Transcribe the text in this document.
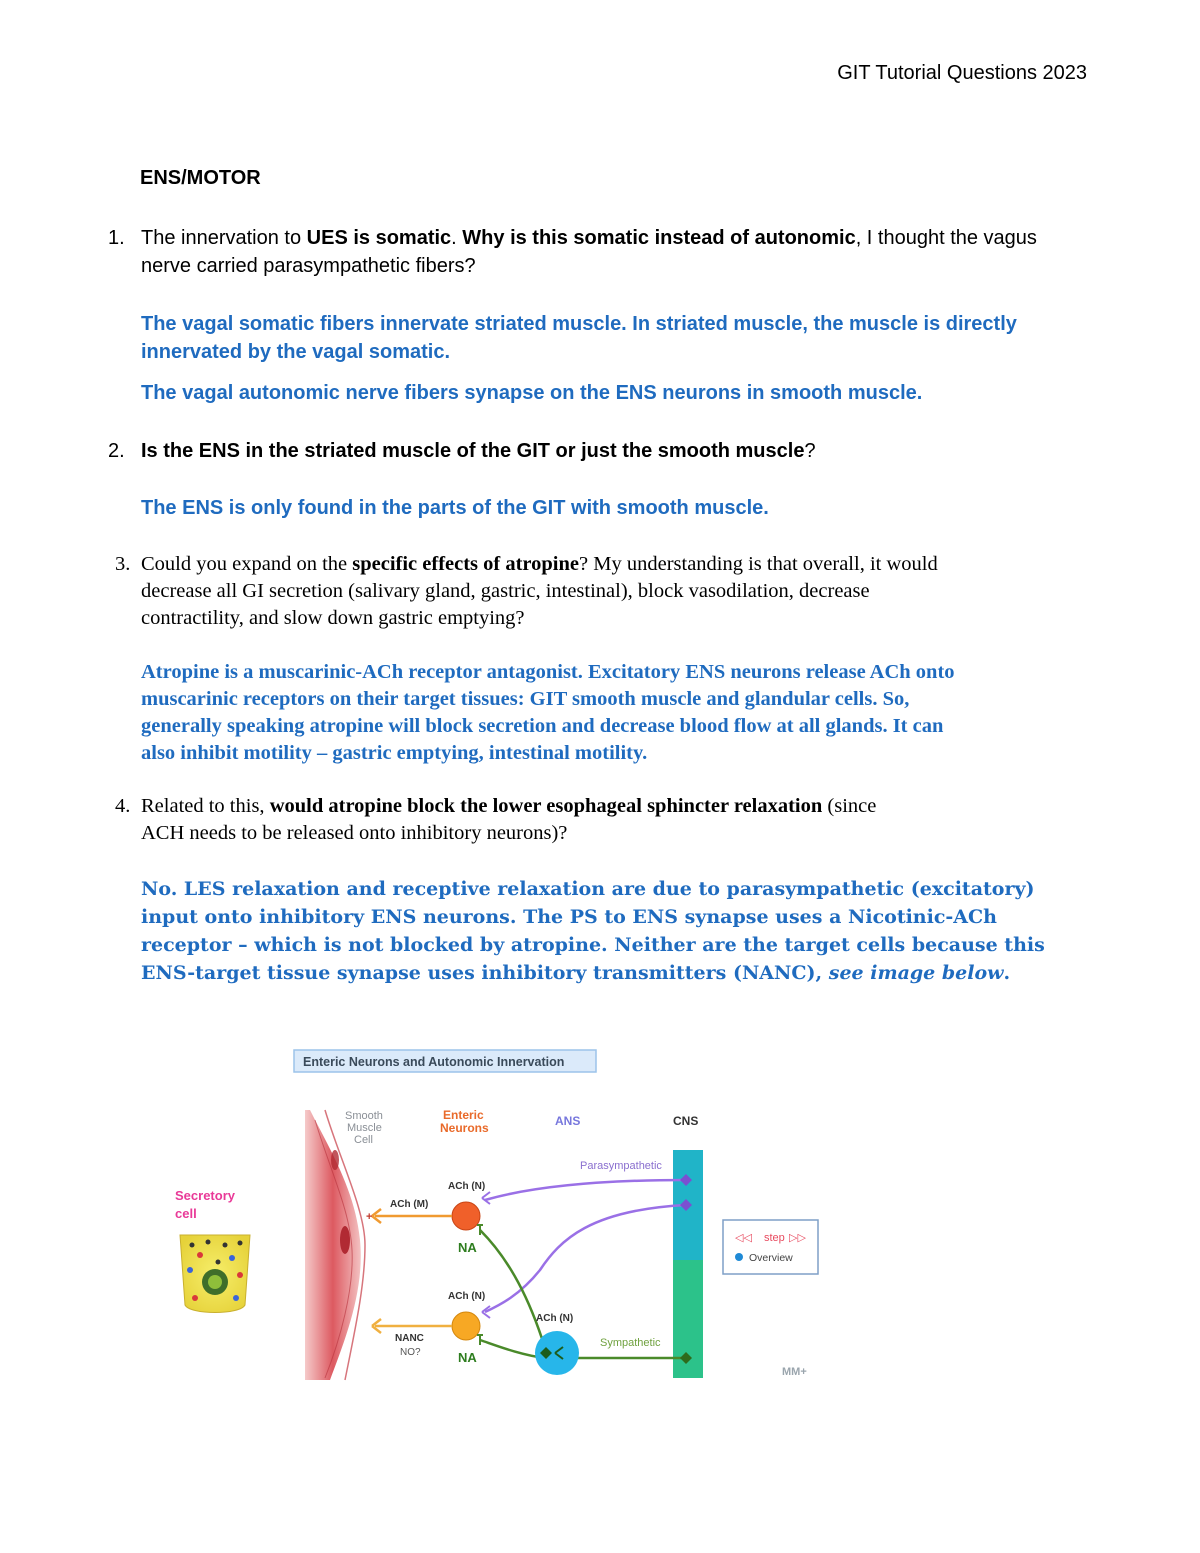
GIT Tutorial Questions 2023
ENS/MOTOR
1. The innervation to UES is somatic. Why is this somatic instead of autonomic, I thought the vagus
nerve carried parasympathetic fibers?
The vagal somatic fibers innervate striated muscle. In striated muscle, the muscle is directly
innervated by the vagal somatic.
The vagal autonomic nerve fibers synapse on the ENS neurons in smooth muscle.
2. Is the ENS in the striated muscle of the GIT or just the smooth muscle?
The ENS is only found in the parts of the GIT with smooth muscle.
3. Could you expand on the specific effects of atropine? My understanding is that overall, it would
decrease all GI secretion (salivary gland, gastric, intestinal), block vasodilation, decrease
contractility, and slow down gastric emptying?
Atropine is a muscarinic-ACh receptor antagonist. Excitatory ENS neurons release ACh onto
muscarinic receptors on their target tissues: GIT smooth muscle and glandular cells. So,
generally speaking atropine will block secretion and decrease blood flow at all glands. It can
also inhibit motility – gastric emptying, intestinal motility.
4. Related to this, would atropine block the lower esophageal sphincter relaxation (since
ACH needs to be released onto inhibitory neurons)?
No. LES relaxation and receptive relaxation are due to parasympathetic (excitatory)
input onto inhibitory ENS neurons. The PS to ENS synapse uses a Nicotinic-ACh
receptor – which is not blocked by atropine. Neither are the target cells because this
ENS-target tissue synapse uses inhibitory transmitters (NANC), see image below.
Enteric Neurons and Autonomic Innervation
Smooth
Muscle
Cell
Enteric
Neurons	ANS	CNS
Parasympathetic
Sympathetic
ACh (N)
+
ACh (M)
ACh (N)
ACh (N)
NA
NA
NANC
NO?
Secretory
cell
◁◁ step ▷▷
Overview
MM+
